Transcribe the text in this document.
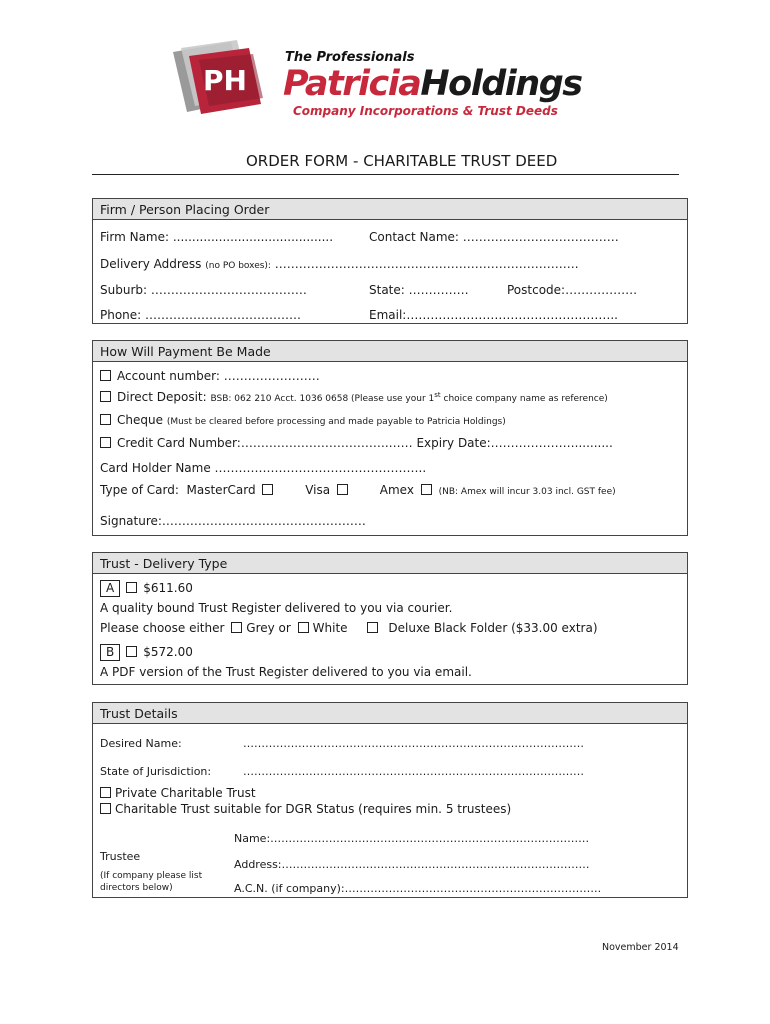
PH
The Professionals
PatriciaHoldings
Company Incorporations & Trust Deeds
ORDER FORM - CHARITABLE TRUST DEED
Firm / Person Placing Order
Firm Name: ..........................................	Contact Name: …………………………………
Delivery Address (no PO boxes): ………………………………………………………………….
Suburb: …………………………………	State: ……………	Postcode:………………
Phone: …………………………………	Email:……………………………………………..
How Will Payment Be Made
Account number: ……………………
Direct Deposit: BSB: 062 210 Acct. 1036 0658 (Please use your 1st choice company name as reference)
Cheque (Must be cleared before processing and made payable to Patricia Holdings)
Credit Card Number:……………………………….…… Expiry Date:…………………..........
Card Holder Name ……………………………………………..
Type of Card: MasterCard	Visa	Amex	(NB: Amex will incur 3.03 incl. GST fee)
Signature:……………………………………………
Trust - Delivery Type
A $611.60
A quality bound Trust Register delivered to you via courier.
Please choose either Grey or White	Deluxe Black Folder ($33.00 extra)
B $572.00
A PDF version of the Trust Register delivered to you via email.
Trust Details
Desired Name:	…………………………………………………………………………………
State of Jurisdiction:	…………………………………………………………………………………
Private Charitable Trust
Charitable Trust suitable for DGR Status (requires min. 5 trustees)
Trustee
(If company please list
directors below)
Name:……………………………………………………………………………
Address:…………………………………………………………………………
A.C.N. (if company):…………………………………………………………….
November 2014
